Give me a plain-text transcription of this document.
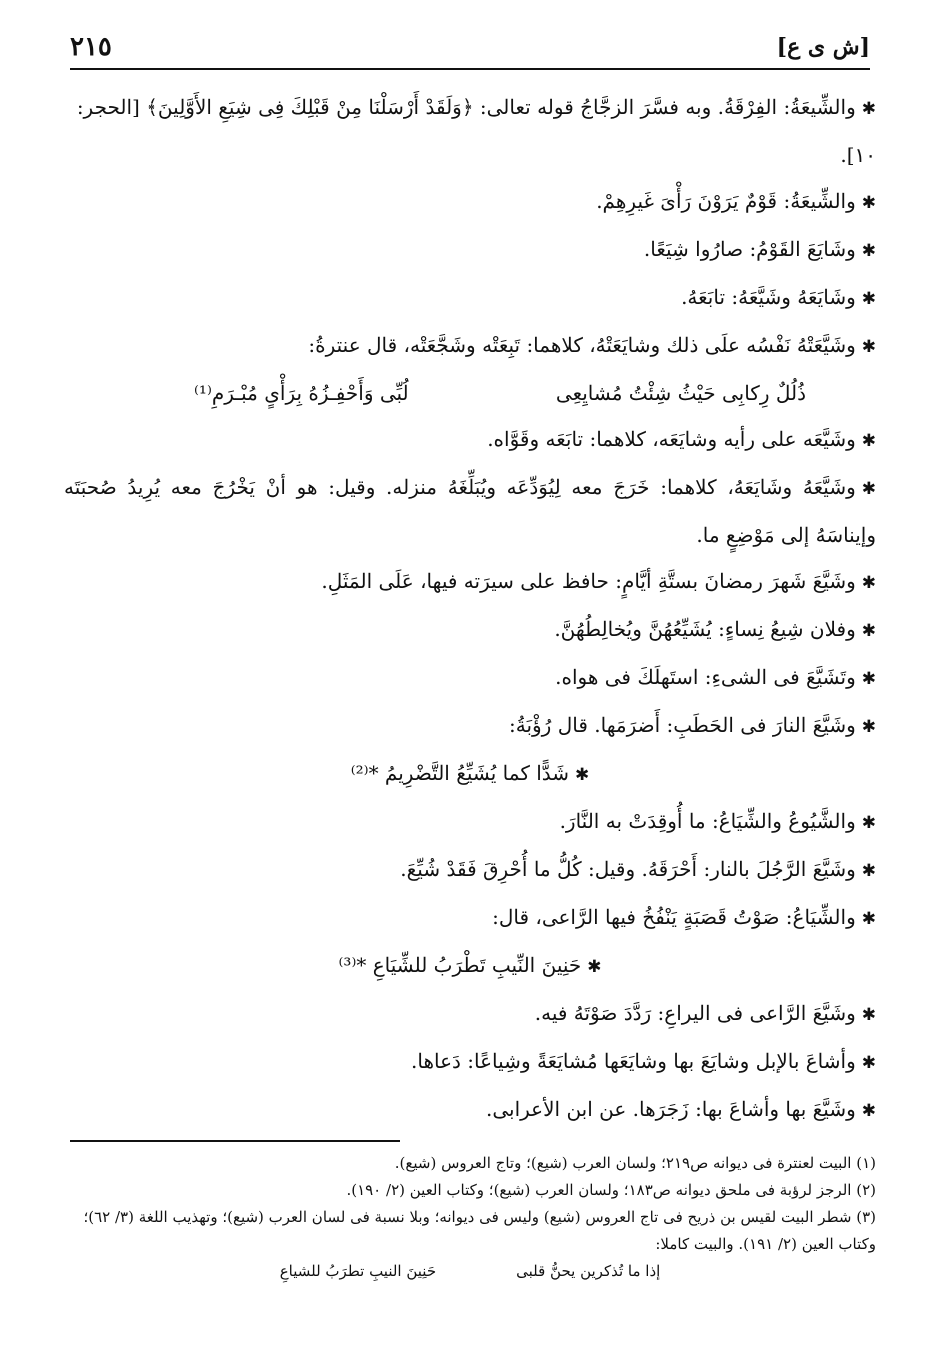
[ش ى ع]
٢١٥

✱والشِّيعَةُ: الفِرْقَةُ. وبه فسَّرَ الزجَّاجُ قوله تعالى: ﴿وَلَقَدْ أَرْسَلْنَا مِنْ قَبْلِكَ فِى شِيَعِ الأَوَّلِينَ﴾ [الحجر: ١٠].

✱والشِّيعَةُ: قَوْمٌ يَرَوْنَ رَأْىَ غَيرِهِمْ.

✱وشَايَعَ القَوْمُ: صارُوا شِيَعًا.

✱وشَايَعَهُ وشَيَّعَهُ: تابَعَهُ.

✱وشَيَّعَتْهُ نَفْسُه علَى ذلك وشايَعَتْهُ، كلاهما: تَبِعَتْه وشَجَّعَتْه، قال عنترةُ:

ذُلُلٌ رِكابِى حَيْثُ شِئْتُ مُشايِعِى
لُبِّى وَأَحْفِـزُهُ بِرَأْىٍ مُبْـرَمِ⁽¹⁾

✱وشَيَّعَه على رأيه وشايَعَه، كلاهما: تابَعَه وقَوَّاه.

✱وشَيَّعَهُ وشَايَعَهُ، كلاهما: خَرَجَ معه لِيُوَدِّعَه ويُبَلِّغَهُ منزله. وقيل: هو أنْ يَخْرُجَ معه يُرِيدُ صُحبَتَه وإيناسَهُ إلى مَوْضِعٍ ما.

✱وشَيَّعَ شَهرَ رمضانَ بستَّةِ أيَّامٍ: حافظ على سيرَته فيها، عَلَى المَثَلِ.

✱وفلان شِيعُ نِساءٍ: يُشَيِّعُهُنَّ ويُخالِطُهُنَّ.

✱وتَشَيَّعَ فى الشىءِ: استَهلَكَ فى هواه.

✱وشَيَّعَ النارَ فى الحَطَبِ: أَضرَمَها. قال رُؤْبَةُ:

✱شَدًّا كما يُشَيِّعُ التَّضْرِيمُ *⁽²⁾

✱والشَّيُوعُ والشِّيَاعُ: ما أُوقِدَتْ به النَّارَ.

✱وشَيَّعَ الرَّجُلَ بالنار: أَحْرَقَهُ. وقيل: كُلُّ ما أُحْرِقَ فَقَدْ شُيِّعَ.

✱والشِّيَاعُ: صَوْتُ قَصَبَةٍ يَنْفُخُ فيها الرَّاعى، قال:

✱حَنِينَ النِّيبِ تَطْرَبُ للشِّيَاعِ *⁽³⁾

✱وشَيَّعَ الرَّاعى فى اليراعِ: رَدَّدَ صَوْتَهُ فيه.

✱وأشاعَ بالإبل وشايَعَ بها وشايَعَها مُشايَعَةً وشِياعًا: دَعاها.

✱وشَيَّعَ بها وأشاعَ بها: زَجَرَها. عن ابن الأعرابى.

(١) البيت لعنترة فى ديوانه ص٢١٩؛ ولسان العرب (شيع)؛ وتاج العروس (شيع).

(٢) الرجز لرؤبة فى ملحق ديوانه ص١٨٣؛ ولسان العرب (شيع)؛ وكتاب العين (٢/ ١٩٠).

(٣) شطر البيت لقيس بن ذريح فى تاج العروس (شيع) وليس فى ديوانه؛ وبلا نسبة فى لسان العرب (شيع)؛ وتهذيب اللغة (٣/ ٦٢)؛ وكتاب العين (٢/ ١٩١). والبيت كاملا:

إذا ما تُذكرين يحنُّ قلبى
حَنِينَ النيبِ تطرَبُ للشياعِ
